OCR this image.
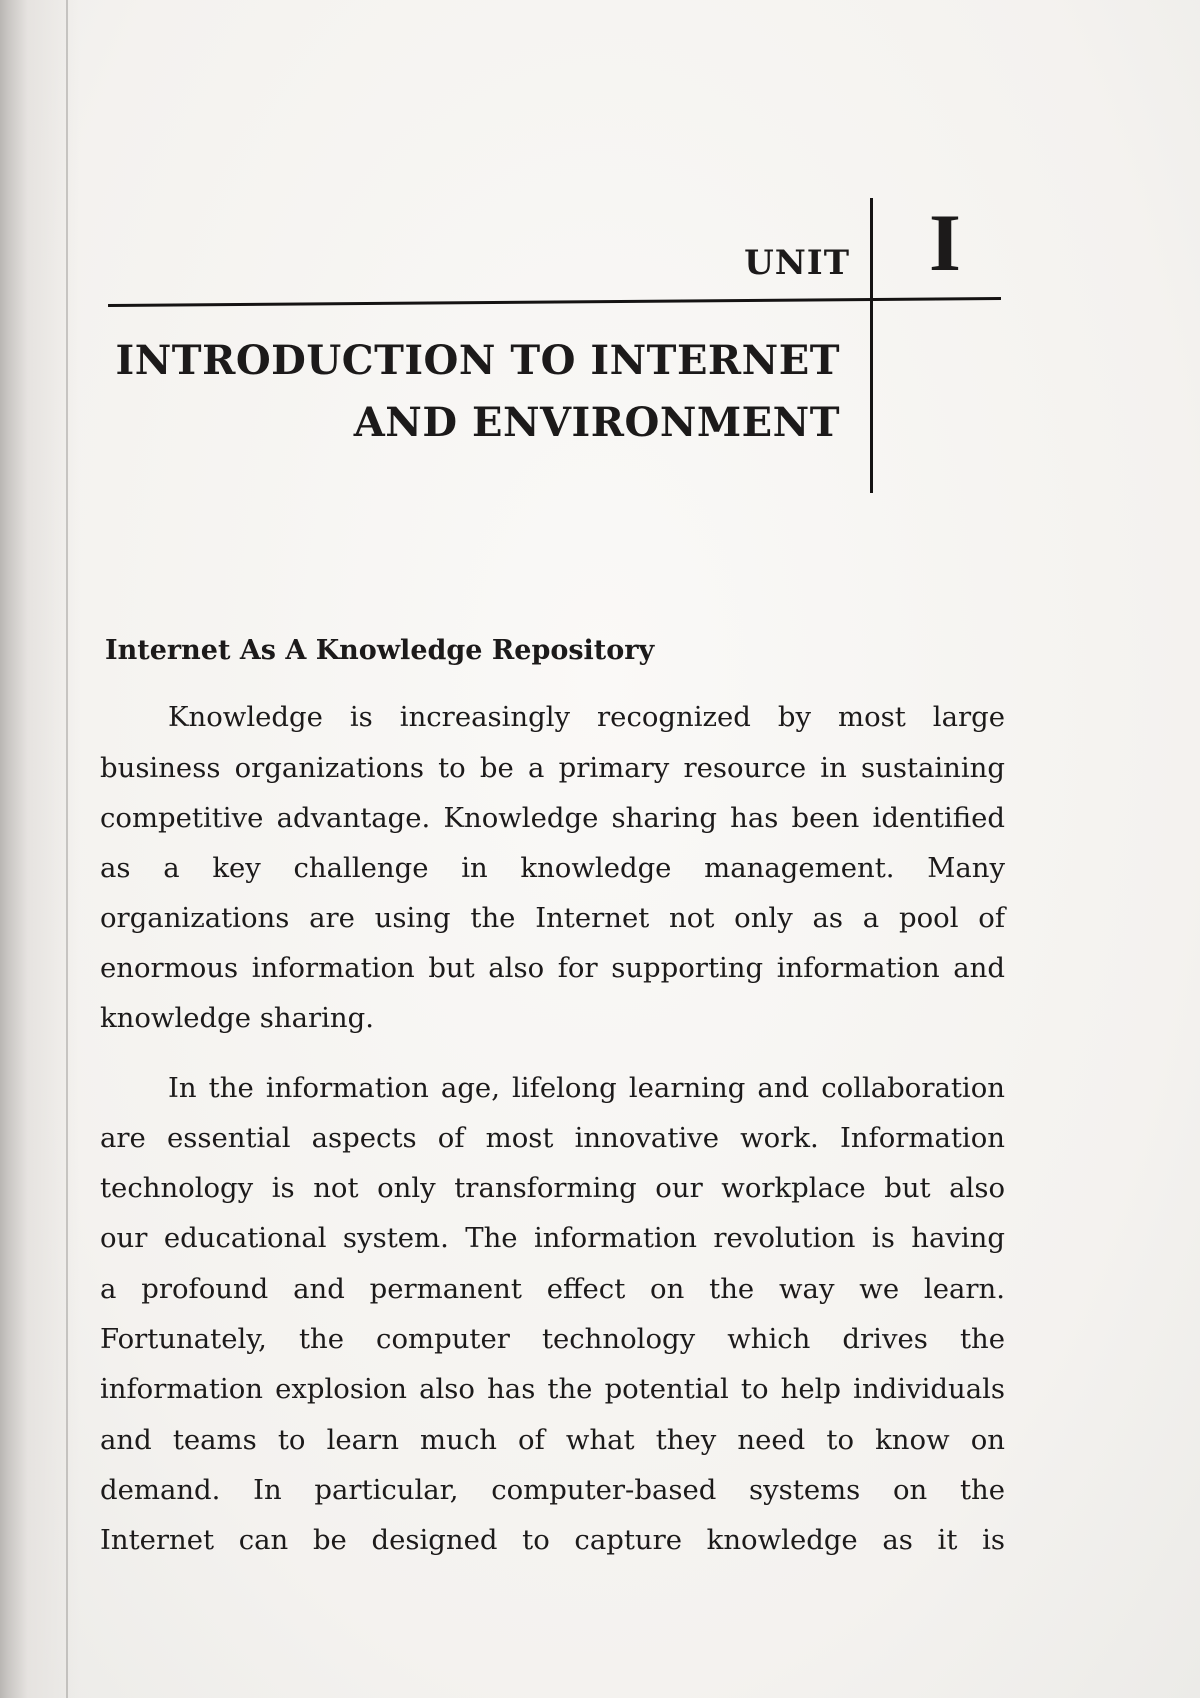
UNIT I
INTRODUCTION TO INTERNET
AND ENVIRONMENT
Internet As A Knowledge Repository
Knowledge is increasingly recognized by most large
business organizations to be a primary resource in sustaining
competitive advantage. Knowledge sharing has been identified
as a key challenge in knowledge management. Many
organizations are using the Internet not only as a pool of
enormous information but also for supporting information and
knowledge sharing.
In the information age, lifelong learning and collaboration
are essential aspects of most innovative work. Information
technology is not only transforming our workplace but also
our educational system. The information revolution is having
a profound and permanent effect on the way we learn.
Fortunately, the computer technology which drives the
information explosion also has the potential to help individuals
and teams to learn much of what they need to know on
demand. In particular, computer-based systems on the
Internet can be designed to capture knowledge as it is
